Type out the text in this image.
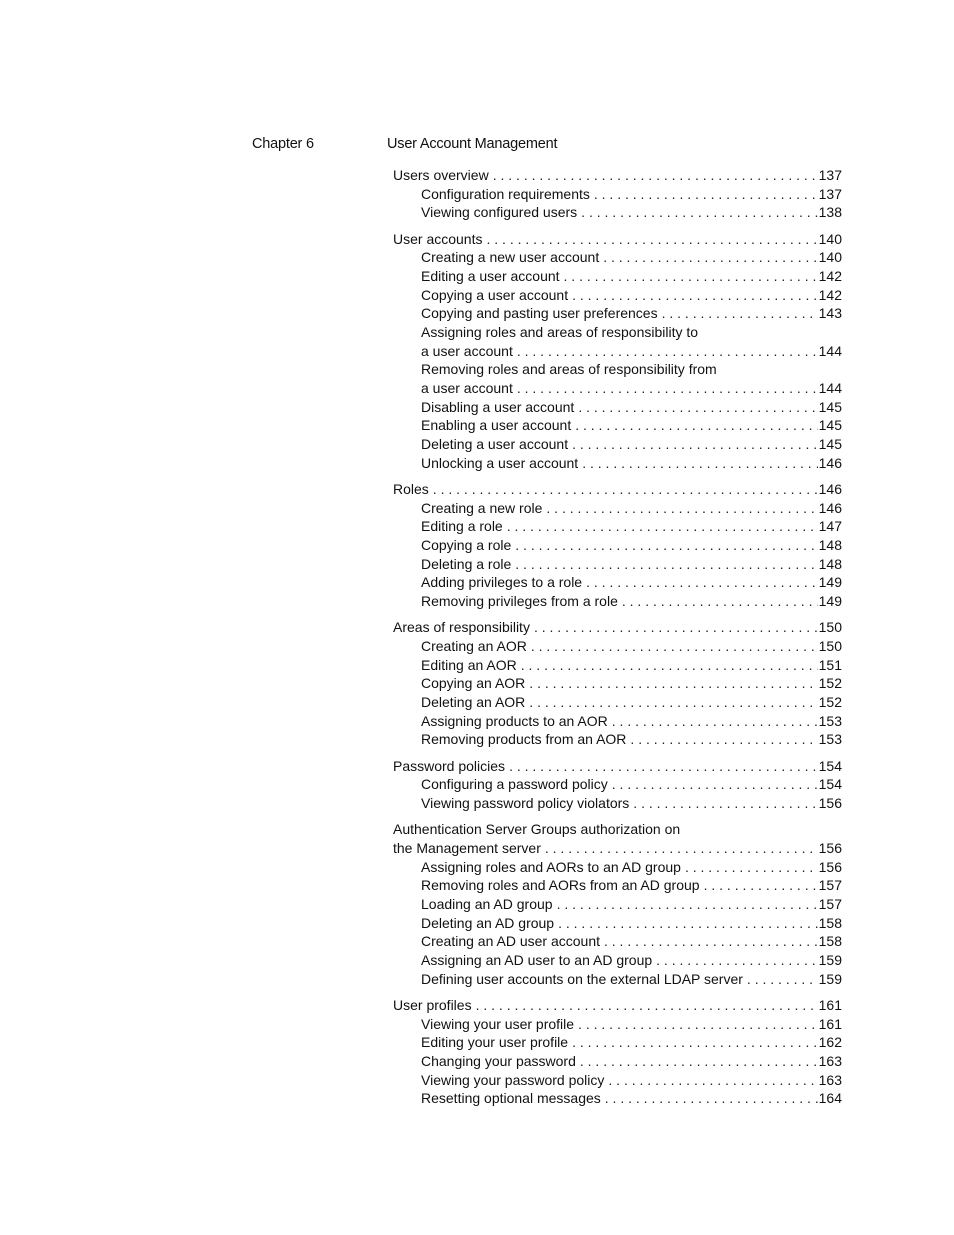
Chapter 6	User Account Management
Users overview . . .	137
Configuration requirements . . .	137
Viewing configured users . . .	138
User accounts . . .	140
Creating a new user account . . .	140
Editing a user account . . .	142
Copying a user account . . .	142
Copying and pasting user preferences . . .	143
Assigning roles and areas of responsibility to
a user account . . .	144
Removing roles and areas of responsibility from
a user account . . .	144
Disabling a user account . . .	145
Enabling a user account . . .	145
Deleting a user account . . .	145
Unlocking a user account . . .	146
Roles . . .	146
Creating a new role . . .	146
Editing a role . . .	147
Copying a role . . .	148
Deleting a role . . .	148
Adding privileges to a role . . .	149
Removing privileges from a role . . .	149
Areas of responsibility . . .	150
Creating an AOR . . .	150
Editing an AOR . . .	151
Copying an AOR . . .	152
Deleting an AOR . . .	152
Assigning products to an AOR . . .	153
Removing products from an AOR . . .	153
Password policies . . .	154
Configuring a password policy . . .	154
Viewing password policy violators . . .	156
Authentication Server Groups authorization on
the Management server . . .	156
Assigning roles and AORs to an AD group . . .	156
Removing roles and AORs from an AD group . . .	157
Loading an AD group . . .	157
Deleting an AD group . . .	158
Creating an AD user account . . .	158
Assigning an AD user to an AD group . . .	159
Defining user accounts on the external LDAP server . . .	159
User profiles . . .	161
Viewing your user profile . . .	161
Editing your user profile . . .	162
Changing your password . . .	163
Viewing your password policy . . .	163
Resetting optional messages . . .	164
